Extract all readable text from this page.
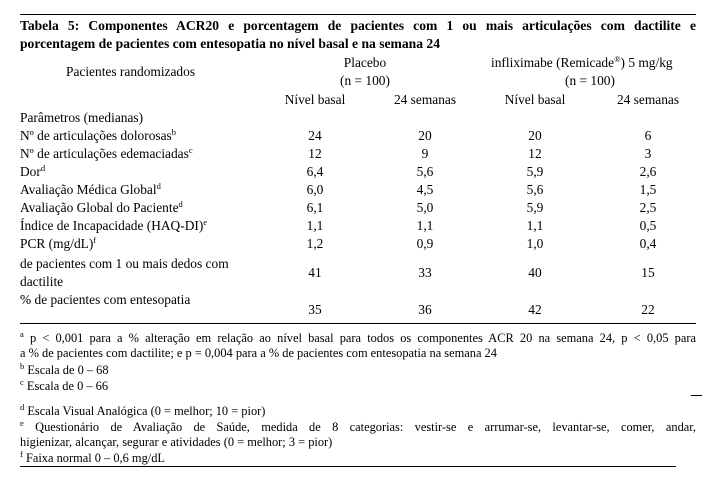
Tabela 5: Componentes ACR20 e porcentagem de pacientes com 1 ou mais articulações com dactilite e
porcentagem de pacientes com entesopatia no nível basal e na semana 24
Pacientes randomizados
Placebo
(n = 100)
infliximabe (Remicade®) 5 mg/kg
(n = 100)
Nível basal	24 semanas	Nível basal	24 semanas
Parâmetros (medianas)
Nº de articulações dolorosas$^b$	24	20	20	6
Nº de articulações edemaciadas$^c$	12	9	12	3
Dor$^d$	6,4	5,6	5,9	2,6
Avaliação Médica Global$^d$	6,0	4,5	5,6	1,5
Avaliação Global do Paciente$^d$	6,1	5,0	5,9	2,5
Índice de Incapacidade $(HAQ-DI)^e$	1,1	1,1	1,1	0,5
PCR $(mg/dL)^f$	1,2	0,9	1,0	0,4
de pacientes com 1 ou mais dedos com
dactilite
41	33	40	15
% de pacientes com entesopatia
35	36	42	22
$^a$ p < 0,001 para a % alteração em relação ao nível basal para todos os componentes ACR 20 na semana 24, p < 0,05 para
a % de pacientes com dactilite; e p = 0,004 para a % de pacientes com entesopatia na semana 24
$^b$ Escala de 0 – 68
$^c$ Escala de 0 – 66
$^d$ Escala Visual Analógica (0 = melhor; 10 = pior)
$^e$ Questionário de Avaliação de Saúde, medida de 8 categorias: vestir-se e arrumar-se, levantar-se, comer, andar,
higienizar, alcançar, segurar e atividades (0 = melhor; 3 = pior)
$^f$ Faixa normal 0 – 0,6 mg/dL
